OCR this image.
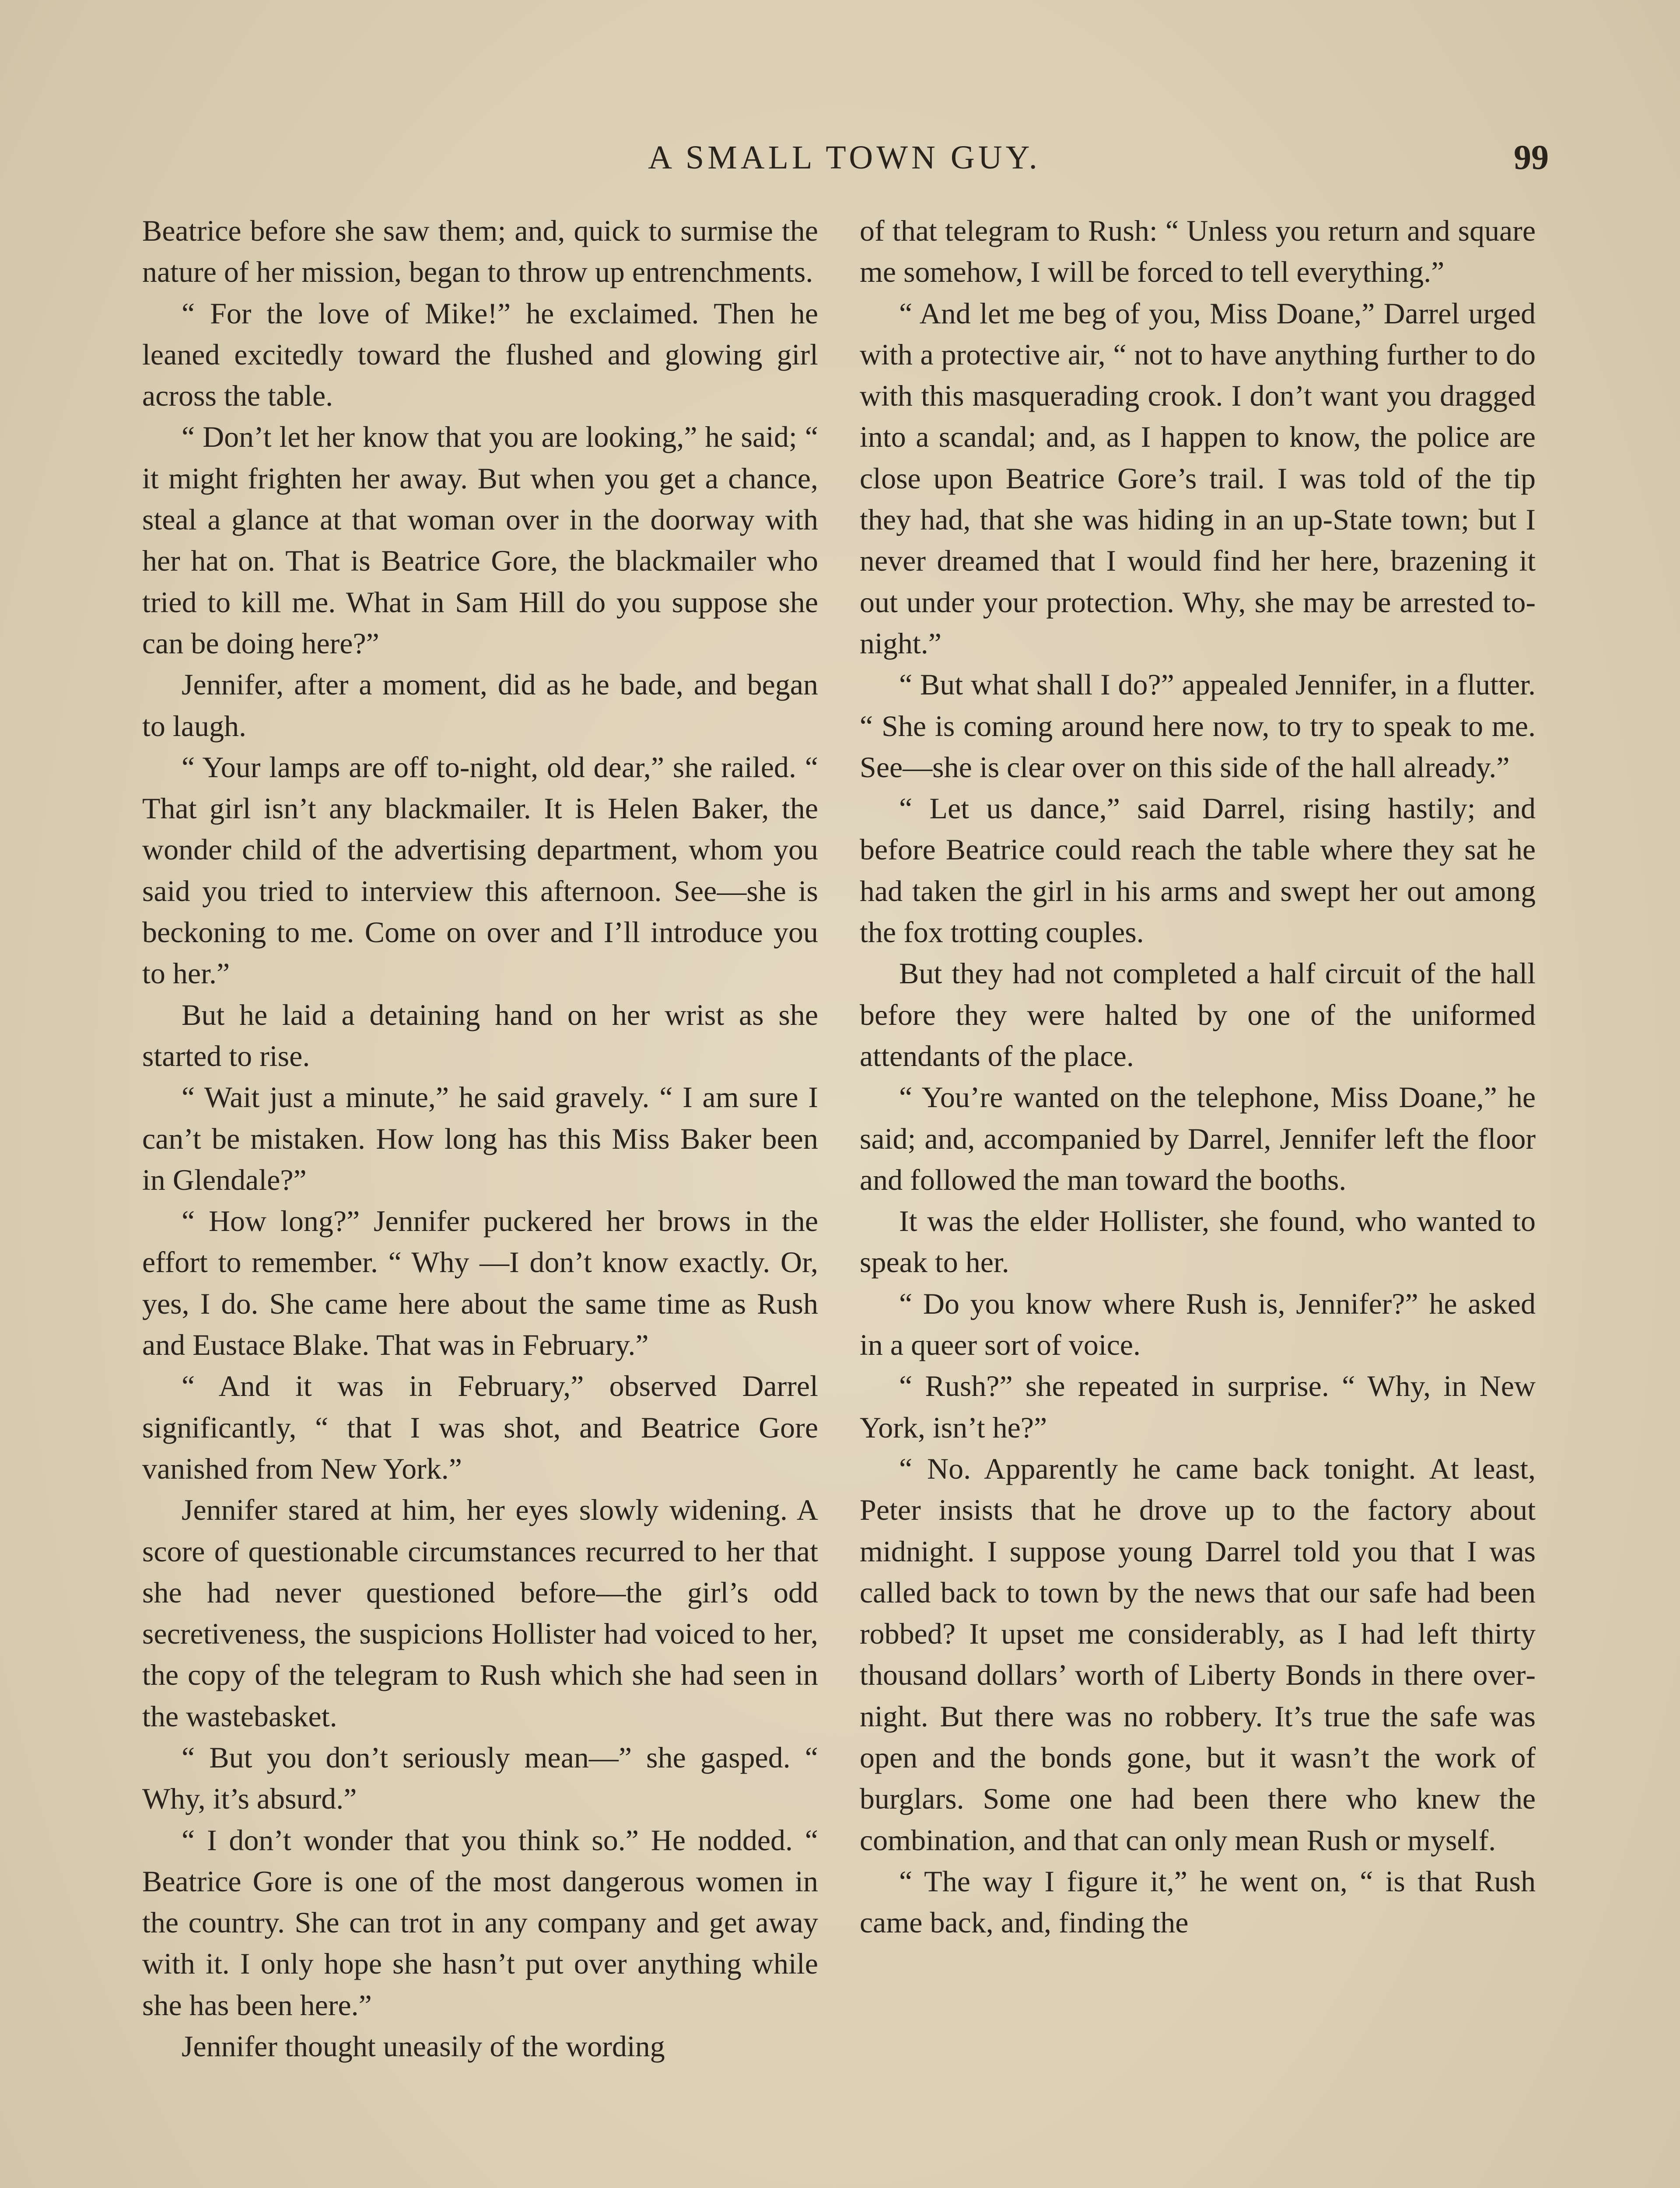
A SMALL TOWN GUY.	99

Beatrice before she saw them; and, quick to surmise the nature of her mission, began to throw up entrenchments.

“ For the love of Mike!” he exclaimed. Then he leaned excitedly toward the flushed and glowing girl across the table.

“ Don’t let her know that you are looking,” he said; “ it might frighten her away. But when you get a chance, steal a glance at that woman over in the doorway with her hat on. That is Beatrice Gore, the blackmailer who tried to kill me. What in Sam Hill do you suppose she can be doing here?”

Jennifer, after a moment, did as he bade, and began to laugh.

“ Your lamps are off to-night, old dear,” she railed. “ That girl isn’t any blackmailer. It is Helen Baker, the wonder child of the advertising department, whom you said you tried to interview this afternoon. See—she is beckoning to me. Come on over and I’ll introduce you to her.”

But he laid a detaining hand on her wrist as she started to rise.

“ Wait just a minute,” he said gravely. “ I am sure I can’t be mistaken. How long has this Miss Baker been in Glendale?”

“ How long?” Jennifer puckered her brows in the effort to remember. “ Why —I don’t know exactly. Or, yes, I do. She came here about the same time as Rush and Eustace Blake. That was in February.”

“ And it was in February,” observed Darrel significantly, “ that I was shot, and Beatrice Gore vanished from New York.”

Jennifer stared at him, her eyes slowly widening. A score of questionable circumstances recurred to her that she had never questioned before—the girl’s odd secretiveness, the suspicions Hollister had voiced to her, the copy of the telegram to Rush which she had seen in the wastebasket.

“ But you don’t seriously mean—” she gasped. “ Why, it’s absurd.”

“ I don’t wonder that you think so.” He nodded. “ Beatrice Gore is one of the most dangerous women in the country. She can trot in any company and get away with it. I only hope she hasn’t put over anything while she has been here.”

Jennifer thought uneasily of the wording

of that telegram to Rush: “ Unless you return and square me somehow, I will be forced to tell everything.”

“ And let me beg of you, Miss Doane,” Darrel urged with a protective air, “ not to have anything further to do with this masquerading crook. I don’t want you dragged into a scandal; and, as I happen to know, the police are close upon Beatrice Gore’s trail. I was told of the tip they had, that she was hiding in an up-State town; but I never dreamed that I would find her here, brazening it out under your protection. Why, she may be arrested to-night.”

“ But what shall I do?” appealed Jennifer, in a flutter. “ She is coming around here now, to try to speak to me. See—she is clear over on this side of the hall already.”

“ Let us dance,” said Darrel, rising hastily; and before Beatrice could reach the table where they sat he had taken the girl in his arms and swept her out among the fox trotting couples.

But they had not completed a half circuit of the hall before they were halted by one of the uniformed attendants of the place.

“ You’re wanted on the telephone, Miss Doane,” he said; and, accompanied by Darrel, Jennifer left the floor and followed the man toward the booths.

It was the elder Hollister, she found, who wanted to speak to her.

“ Do you know where Rush is, Jennifer?” he asked in a queer sort of voice.

“ Rush?” she repeated in surprise. “ Why, in New York, isn’t he?”

“ No. Apparently he came back tonight. At least, Peter insists that he drove up to the factory about midnight. I suppose young Darrel told you that I was called back to town by the news that our safe had been robbed? It upset me considerably, as I had left thirty thousand dollars’ worth of Liberty Bonds in there overnight. But there was no robbery. It’s true the safe was open and the bonds gone, but it wasn’t the work of burglars. Some one had been there who knew the combination, and that can only mean Rush or myself.

“ The way I figure it,” he went on, “ is that Rush came back, and, finding the
